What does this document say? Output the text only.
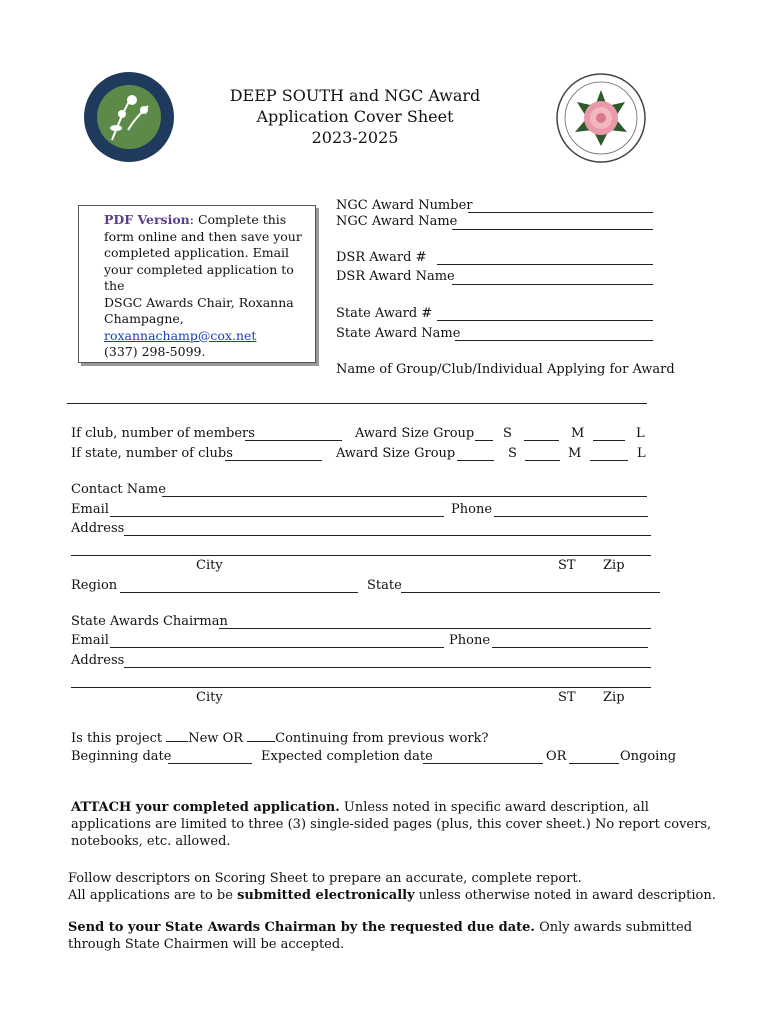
DEEP SOUTH and NGC Award
Application Cover Sheet
2023-2025
PDF Version: Complete this
form online and then save your
completed application. Email
your completed application to the
DSGC Awards Chair, Roxanna
Champagne,
roxannachamp@cox.net
(337) 298-5099.
NGC Award Number
NGC Award Name
DSR Award #
DSR Award Name
State Award #
State Award Name
Name of Group/Club/Individual Applying for Award
If club, number of members	Award Size Group S	M	L
If state, number of clubs	Award Size Group	S	M	L
Contact Name
Email	Phone
Address
City	ST Zip
Region	State
State Awards Chairman
Email	Phone
Address
City	ST Zip
Is this project New OR Continuing from previous work?
Beginning date	Expected completion date	OR	Ongoing
ATTACH your completed application. Unless noted in specific award description, all
applications are limited to three (3) single-sided pages (plus, this cover sheet.) No report covers,
notebooks, etc. allowed.
Follow descriptors on Scoring Sheet to prepare an accurate, complete report.
All applications are to be submitted electronically unless otherwise noted in award description.
Send to your State Awards Chairman by the requested due date. Only awards submitted
through State Chairmen will be accepted.
